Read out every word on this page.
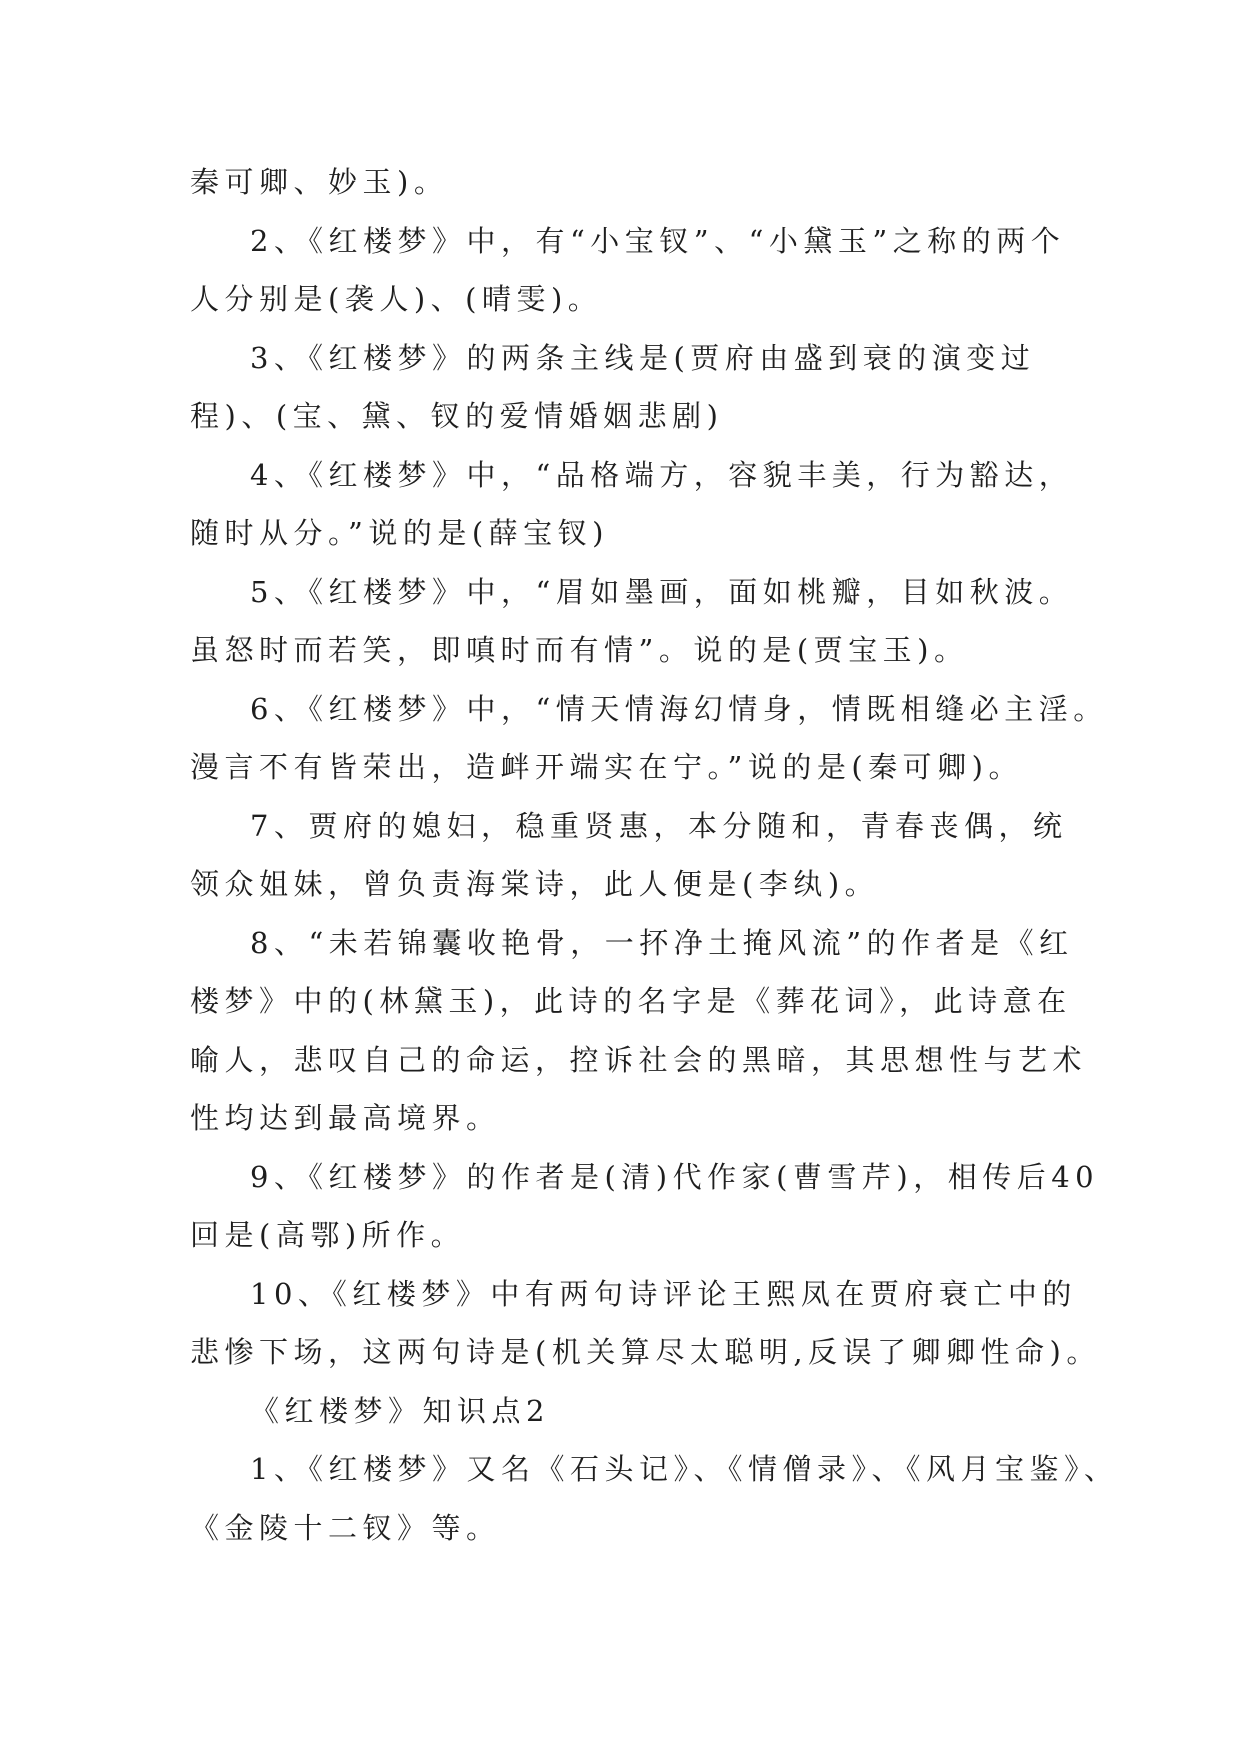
秦可卿、妙玉)。
2、《红楼梦》中，有“小宝钗”、“小黛玉”之称的两个
人分别是(袭人)、(晴雯)。
3、《红楼梦》的两条主线是(贾府由盛到衰的演变过
程)、(宝、黛、钗的爱情婚姻悲剧)
4、《红楼梦》中，“品格端方，容貌丰美，行为豁达，
随时从分。”说的是(薛宝钗)
5、《红楼梦》中，“眉如墨画，面如桃瓣，目如秋波。
虽怒时而若笑，即嗔时而有情”。说的是(贾宝玉)。
6、《红楼梦》中，“情天情海幻情身，情既相缝必主淫。
漫言不有皆荣出，造衅开端实在宁。”说的是(秦可卿)。
7、贾府的媳妇，稳重贤惠，本分随和，青春丧偶，统
领众姐妹，曾负责海棠诗，此人便是(李纨)。
8、“未若锦囊收艳骨，一抔净土掩风流”的作者是《红
楼梦》中的(林黛玉)，此诗的名字是《葬花词》，此诗意在
喻人，悲叹自己的命运，控诉社会的黑暗，其思想性与艺术
性均达到最高境界。
9、《红楼梦》的作者是(清)代作家(曹雪芹)，相传后40
回是(高鄂)所作。
10、《红楼梦》中有两句诗评论王熙凤在贾府衰亡中的
悲惨下场，这两句诗是(机关算尽太聪明,反误了卿卿性命)。
《红楼梦》知识点2
1、《红楼梦》又名《石头记》、《情僧录》、《风月宝鉴》、
《金陵十二钗》等。
